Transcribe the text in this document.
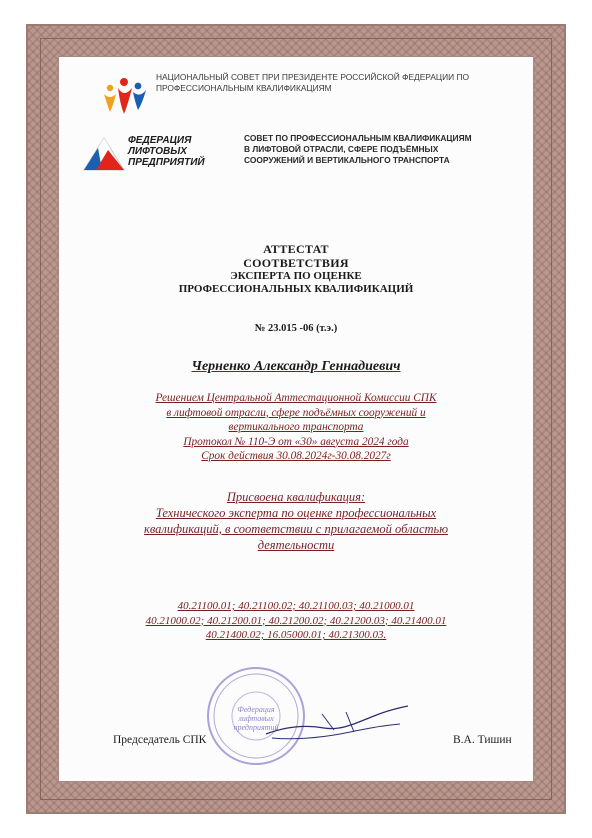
НАЦИОНАЛЬНЫЙ СОВЕТ ПРИ ПРЕЗИДЕНТЕ РОССИЙСКОЙ ФЕДЕРАЦИИ ПО
ПРОФЕССИОНАЛЬНЫМ КВАЛИФИКАЦИЯМ
ФЕДЕРАЦИЯ
ЛИФТОВЫХ
ПРЕДПРИЯТИЙ
СОВЕТ ПО ПРОФЕССИОНАЛЬНЫМ КВАЛИФИКАЦИЯМ
В ЛИФТОВОЙ ОТРАСЛИ, СФЕРЕ ПОДЪЁМНЫХ
СООРУЖЕНИЙ И ВЕРТИКАЛЬНОГО ТРАНСПОРТА
АТТЕСТАТ
СООТВЕТСТВИЯ
ЭКСПЕРТА ПО ОЦЕНКЕ
ПРОФЕССИОНАЛЬНЫХ КВАЛИФИКАЦИЙ
№ 23.015 -06 (т.э.)
Черненко Александр Геннадиевич
Решением Центральной Аттестационной Комиссии СПК
в лифтовой отрасли, сфере подъёмных сооружений и
вертикального транспорта
Протокол № 110-Э от «30» августа 2024 года
Срок действия 30.08.2024г-30.08.2027г
Присвоена квалификация:
Технического эксперта по оценке профессиональных
квалификаций, в соответствии с прилагаемой областью
деятельности
40.21100.01; 40.21100.02; 40.21100.03; 40.21000.01
40.21000.02; 40.21200.01; 40.21200.02; 40.21200.03; 40.21400.01
40.21400.02; 16.05000.01; 40.21300.03.
Федерация
лифтовых
предприятий
Председатель СПК	В.А. Тишин
